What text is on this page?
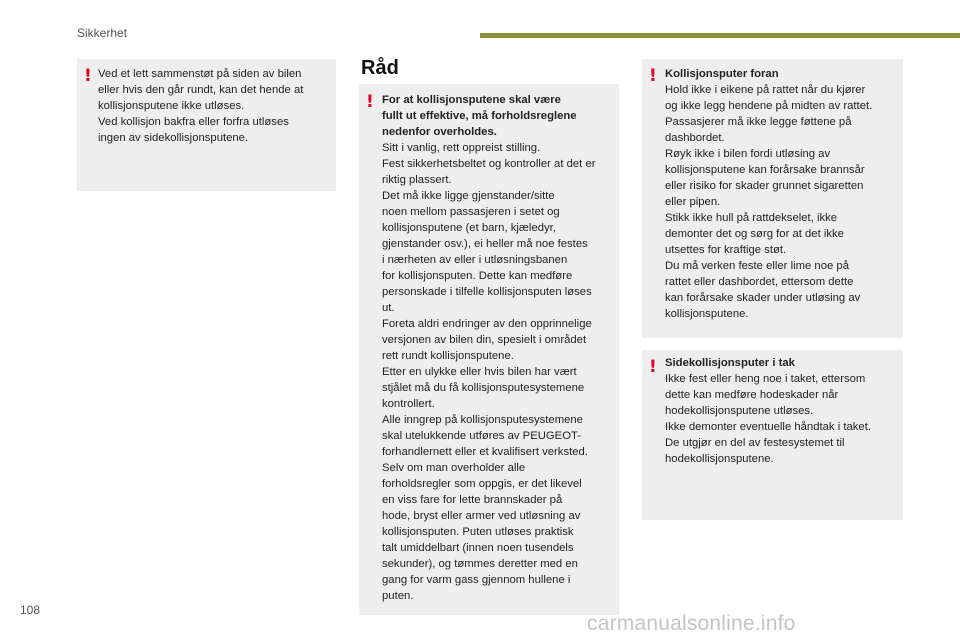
Sikkerhet
Råd
! Ved et lett sammenstøt på siden av bilen
eller hvis den går rundt, kan det hende at
kollisjonsputene ikke utløses.
Ved kollisjon bakfra eller forfra utløses
ingen av sidekollisjonsputene.
! For at kollisjonsputene skal være
fullt ut effektive, må forholdsreglene
nedenfor overholdes.
Sitt i vanlig, rett oppreist stilling.
Fest sikkerhetsbeltet og kontroller at det er
riktig plassert.
Det må ikke ligge gjenstander/sitte
noen mellom passasjeren i setet og
kollisjonsputene (et barn, kjæledyr,
gjenstander osv.), ei heller må noe festes
i nærheten av eller i utløsningsbanen
for kollisjonsputen. Dette kan medføre
personskade i tilfelle kollisjonsputen løses
ut.
Foreta aldri endringer av den opprinnelige
versjonen av bilen din, spesielt i området
rett rundt kollisjonsputene.
Etter en ulykke eller hvis bilen har vært
stjålet må du få kollisjonsputesystemene
kontrollert.
Alle inngrep på kollisjonsputesystemene
skal utelukkende utføres av PEUGEOT-
forhandlernett eller et kvalifisert verksted.
Selv om man overholder alle
forholdsregler som oppgis, er det likevel
en viss fare for lette brannskader på
hode, bryst eller armer ved utløsning av
kollisjonsputen. Puten utløses praktisk
talt umiddelbart (innen noen tusendels
sekunder), og tømmes deretter med en
gang for varm gass gjennom hullene i
puten.
! Kollisjonsputer foran
Hold ikke i eikene på rattet når du kjører
og ikke legg hendene på midten av rattet.
Passasjerer må ikke legge føttene på
dashbordet.
Røyk ikke i bilen fordi utløsing av
kollisjonsputene kan forårsake brannsår
eller risiko for skader grunnet sigaretten
eller pipen.
Stikk ikke hull på rattdekselet, ikke
demonter det og sørg for at det ikke
utsettes for kraftige støt.
Du må verken feste eller lime noe på
rattet eller dashbordet, ettersom dette
kan forårsake skader under utløsing av
kollisjonsputene.
! Sidekollisjonsputer i tak
Ikke fest eller heng noe i taket, ettersom
dette kan medføre hodeskader når
hodekollisjonsputene utløses.
Ikke demonter eventuelle håndtak i taket.
De utgjør en del av festesystemet til
hodekollisjonsputene.
108
carmanualsonline.info
